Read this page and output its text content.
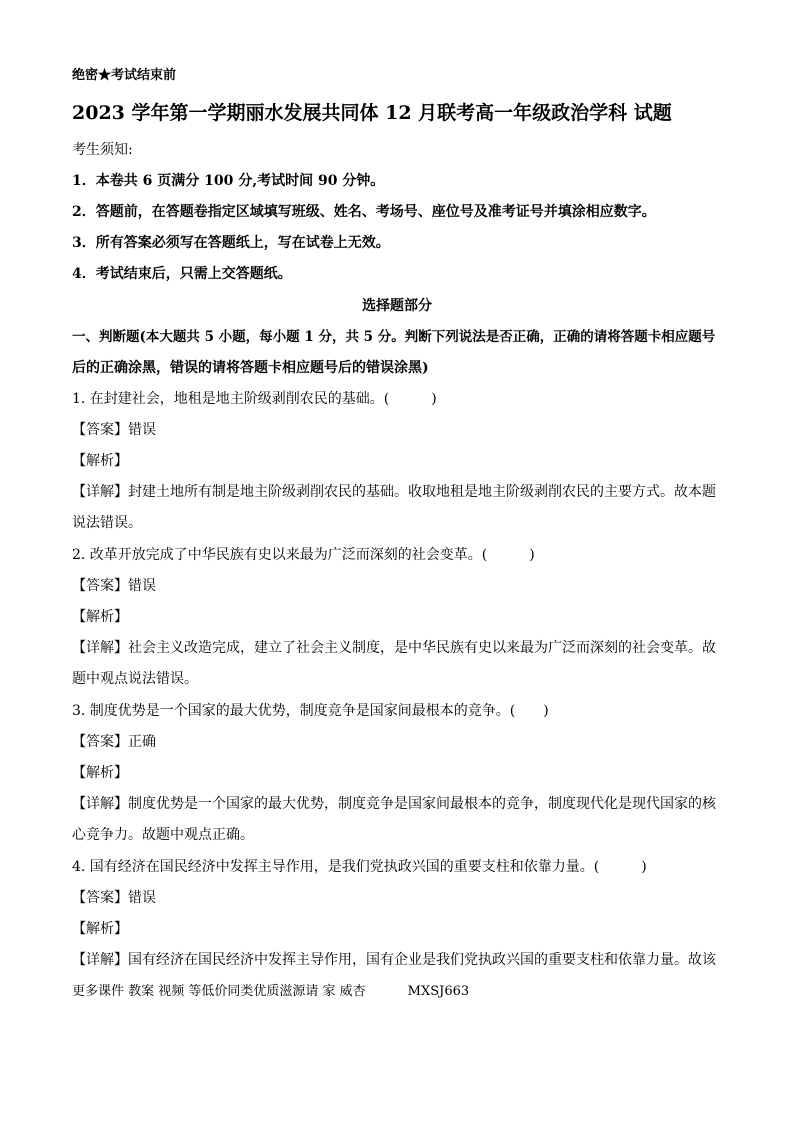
绝密★考试结束前
2023 学年第一学期丽水发展共同体 12 月联考高一年级政治学科 试题
考生须知:
1．本卷共 6 页满分 100 分,考试时间 90 分钟。
2．答题前，在答题卷指定区域填写班级、姓名、考场号、座位号及准考证号并填涂相应数字。
3．所有答案必须写在答题纸上，写在试卷上无效。
4．考试结束后，只需上交答题纸。
选择题部分
一、判断题(本大题共 5 小题，每小题 1 分，共 5 分。判断下列说法是否正确，正确的请将答题卡相应题号
后的正确涂黑，错误的请将答题卡相应题号后的错误涂黑)
1. 在封建社会，地租是地主阶级剥削农民的基础。(　　　)
【答案】错误
【解析】
【详解】封建土地所有制是地主阶级剥削农民的基础。收取地租是地主阶级剥削农民的主要方式。故本题
说法错误。
2. 改革开放完成了中华民族有史以来最为广泛而深刻的社会变革。(　　　)
【答案】错误
【解析】
【详解】社会主义改造完成，建立了社会主义制度，是中华民族有史以来最为广泛而深刻的社会变革。故
题中观点说法错误。
3. 制度优势是一个国家的最大优势，制度竞争是国家间最根本的竞争。(　　)
【答案】正确
【解析】
【详解】制度优势是一个国家的最大优势，制度竞争是国家间最根本的竞争，制度现代化是现代国家的核
心竞争力。故题中观点正确。
4. 国有经济在国民经济中发挥主导作用，是我们党执政兴国的重要支柱和依靠力量。(　　　)
【答案】错误
【解析】
【详解】国有经济在国民经济中发挥主导作用，国有企业是我们党执政兴国的重要支柱和依靠力量。故该
更多课件 教案 视频 等低价同类优质滋源请 家 威杏	MXSJ663
